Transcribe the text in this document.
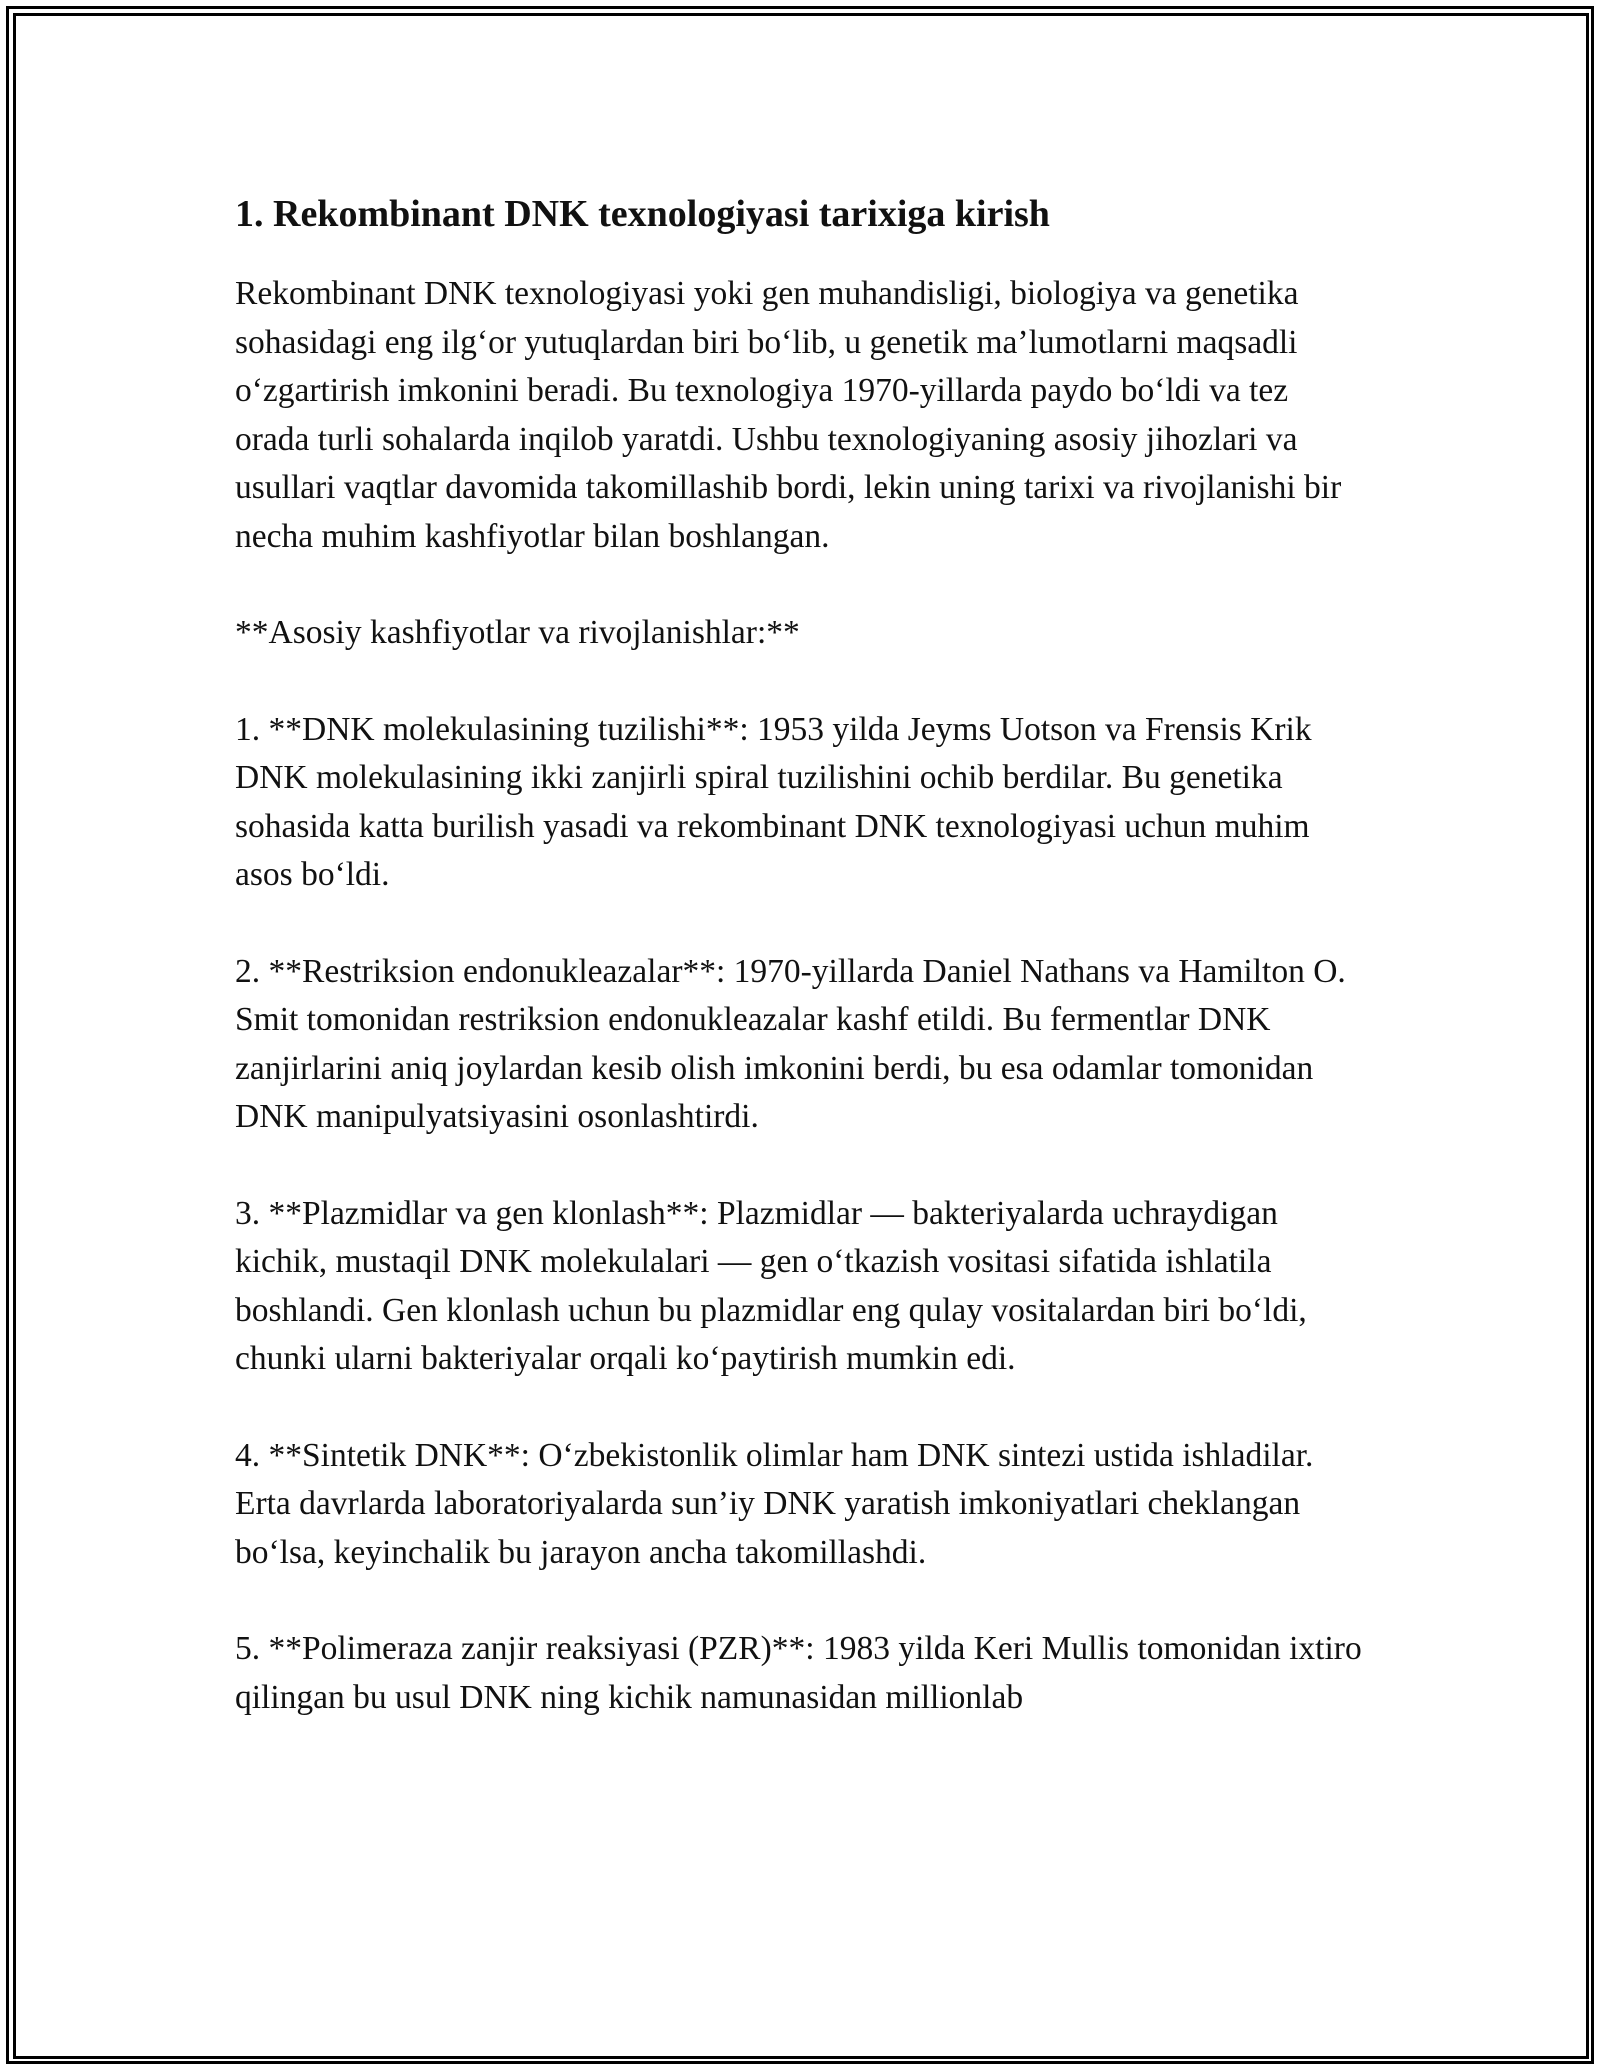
1. Rekombinant DNK texnologiyasi tarixiga kirish

Rekombinant DNK texnologiyasi yoki gen muhandisligi, biologiya va genetika sohasidagi eng ilg‘or yutuqlardan biri bo‘lib, u genetik ma’lumotlarni maqsadli o‘zgartirish imkonini beradi. Bu texnologiya 1970-yillarda paydo bo‘ldi va tez orada turli sohalarda inqilob yaratdi. Ushbu texnologiyaning asosiy jihozlari va usullari vaqtlar davomida takomillashib bordi, lekin uning tarixi va rivojlanishi bir necha muhim kashfiyotlar bilan boshlangan.

**Asosiy kashfiyotlar va rivojlanishlar:**

1. **DNK molekulasining tuzilishi**: 1953 yilda Jeyms Uotson va Frensis Krik DNK molekulasining ikki zanjirli spiral tuzilishini ochib berdilar. Bu genetika sohasida katta burilish yasadi va rekombinant DNK texnologiyasi uchun muhim asos bo‘ldi.

2. **Restriksion endonukleazalar**: 1970-yillarda Daniel Nathans va Hamilton O. Smit tomonidan restriksion endonukleazalar kashf etildi. Bu fermentlar DNK zanjirlarini aniq joylardan kesib olish imkonini berdi, bu esa odamlar tomonidan DNK manipulyatsiyasini osonlashtirdi.

3. **Plazmidlar va gen klonlash**: Plazmidlar — bakteriyalarda uchraydigan kichik, mustaqil DNK molekulalari — gen o‘tkazish vositasi sifatida ishlatila boshlandi. Gen klonlash uchun bu plazmidlar eng qulay vositalardan biri bo‘ldi, chunki ularni bakteriyalar orqali ko‘paytirish mumkin edi.

4. **Sintetik DNK**: O‘zbekistonlik olimlar ham DNK sintezi ustida ishladilar. Erta davrlarda laboratoriyalarda sun’iy DNK yaratish imkoniyatlari cheklangan bo‘lsa, keyinchalik bu jarayon ancha takomillashdi.

5. **Polimeraza zanjir reaksiyasi (PZR)**: 1983 yilda Keri Mullis tomonidan ixtiro qilingan bu usul DNK ning kichik namunasidan millionlab
